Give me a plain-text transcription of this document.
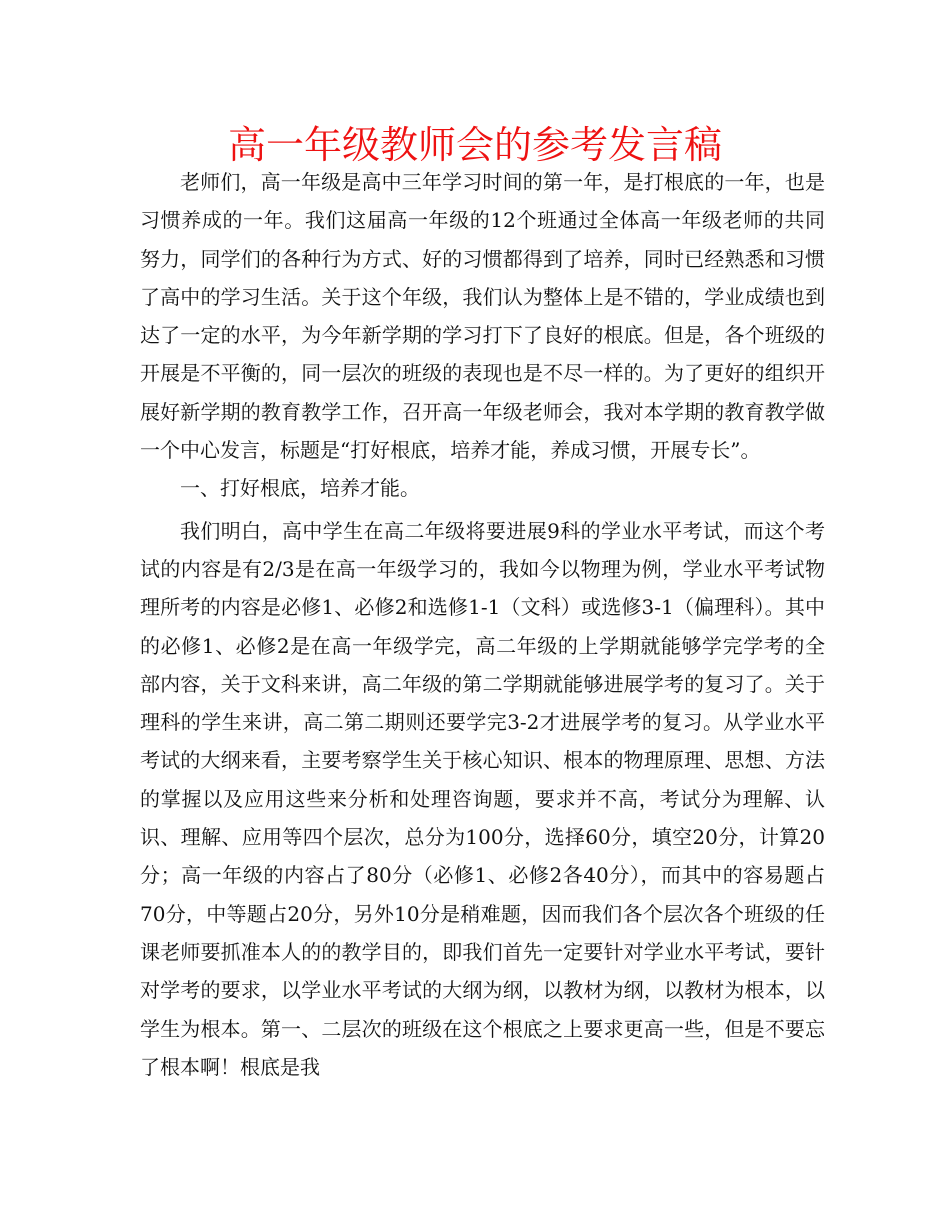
高一年级教师会的参考发言稿

老师们，高一年级是高中三年学习时间的第一年，是打根底的一年，也是习惯养成的一年。我们这届高一年级的12个班通过全体高一年级老师的共同努力，同学们的各种行为方式、好的习惯都得到了培养，同时已经熟悉和习惯了高中的学习生活。关于这个年级，我们认为整体上是不错的，学业成绩也到达了一定的水平，为今年新学期的学习打下了良好的根底。但是，各个班级的开展是不平衡的，同一层次的班级的表现也是不尽一样的。为了更好的组织开展好新学期的教育教学工作，召开高一年级老师会，我对本学期的教育教学做一个中心发言，标题是“打好根底，培养才能，养成习惯，开展专长”。

一、打好根底，培养才能。

我们明白，高中学生在高二年级将要进展9科的学业水平考试，而这个考试的内容是有2/3是在高一年级学习的，我如今以物理为例，学业水平考试物理所考的内容是必修1、必修2和选修1-1（文科）或选修3-1（偏理科）。其中的必修1、必修2是在高一年级学完，高二年级的上学期就能够学完学考的全部内容，关于文科来讲，高二年级的第二学期就能够进展学考的复习了。关于理科的学生来讲，高二第二期则还要学完3-2才进展学考的复习。从学业水平考试的大纲来看，主要考察学生关于核心知识、根本的物理原理、思想、方法的掌握以及应用这些来分析和处理咨询题，要求并不高，考试分为理解、认识、理解、应用等四个层次，总分为100分，选择60分，填空20分，计算20分；高一年级的内容占了80分（必修1、必修2各40分），而其中的容易题占70分，中等题占20分，另外10分是稍难题，因而我们各个层次各个班级的任课老师要抓准本人的的教学目的，即我们首先一定要针对学业水平考试，要针对学考的要求，以学业水平考试的大纲为纲，以教材为纲，以教材为根本，以学生为根本。第一、二层次的班级在这个根底之上要求更高一些，但是不要忘了根本啊！根底是我
